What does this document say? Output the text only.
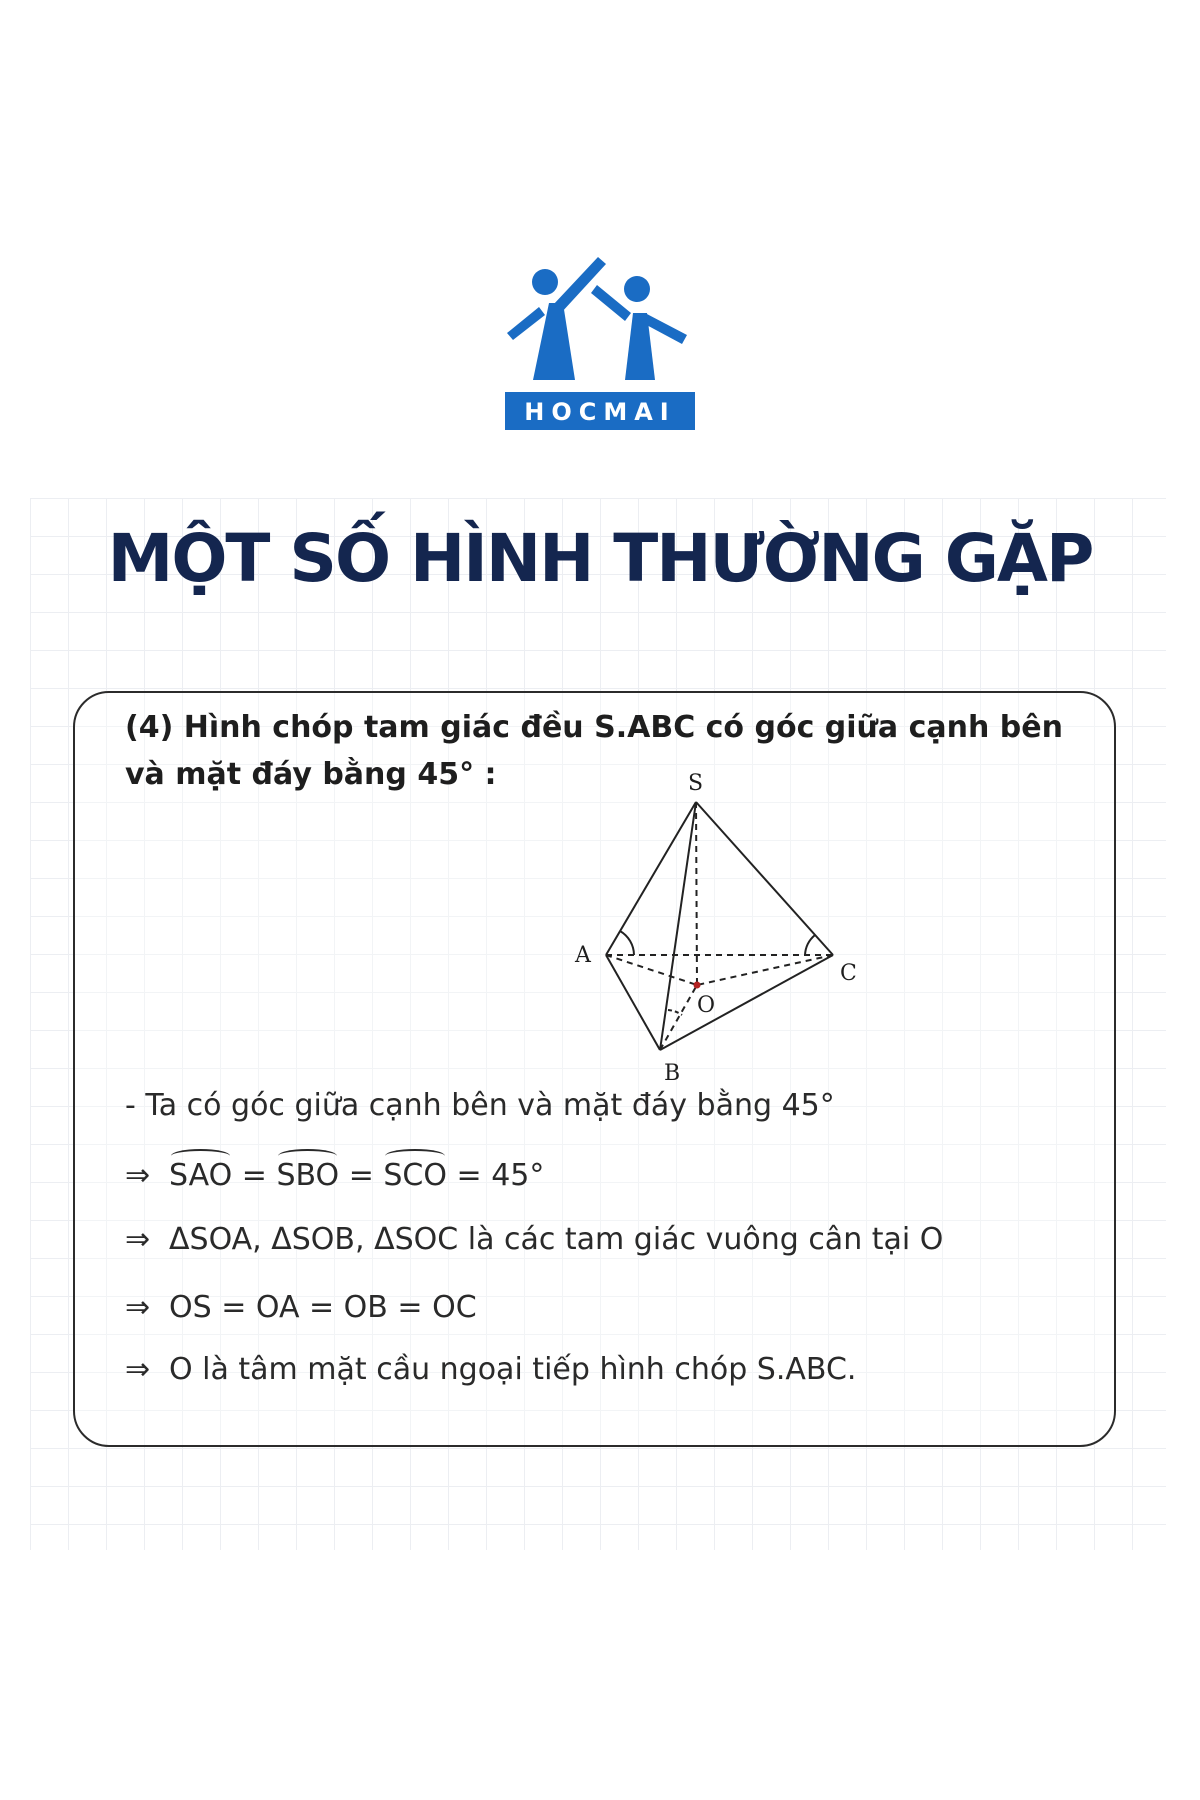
HOCMAI
MỘT SỐ HÌNH THƯỜNG GẶP

(4) Hình chóp tam giác đều S.ABC có góc giữa cạnh bên

và mặt đáy bằng 45° :	S
A
C
O
B

- Ta có góc giữa cạnh bên và mặt đáy bằng 45°

⇒ SAO = SBO = SCO = 45°

⇒ ΔSOA, ΔSOB, ΔSOC là các tam giác vuông cân tại O

⇒ OS = OA = OB = OC

⇒ O là tâm mặt cầu ngoại tiếp hình chóp S.ABC.
